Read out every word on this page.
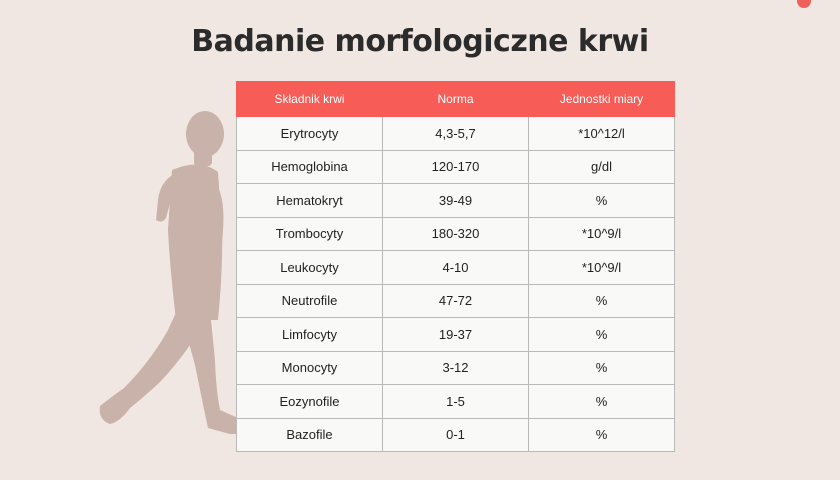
Badanie morfologiczne krwi
Składnik krwi	Norma	Jednostki miary
Erytrocyty	4,3-5,7	*10^12/l
Hemoglobina	120-170	g/dl
Hematokryt	39-49	%
Trombocyty	180-320	*10^9/l
Leukocyty	4-10	*10^9/l
Neutrofile	47-72	%
Limfocyty	19-37	%
Monocyty	3-12	%
Eozynofile	1-5	%
Bazofile	0-1	%
